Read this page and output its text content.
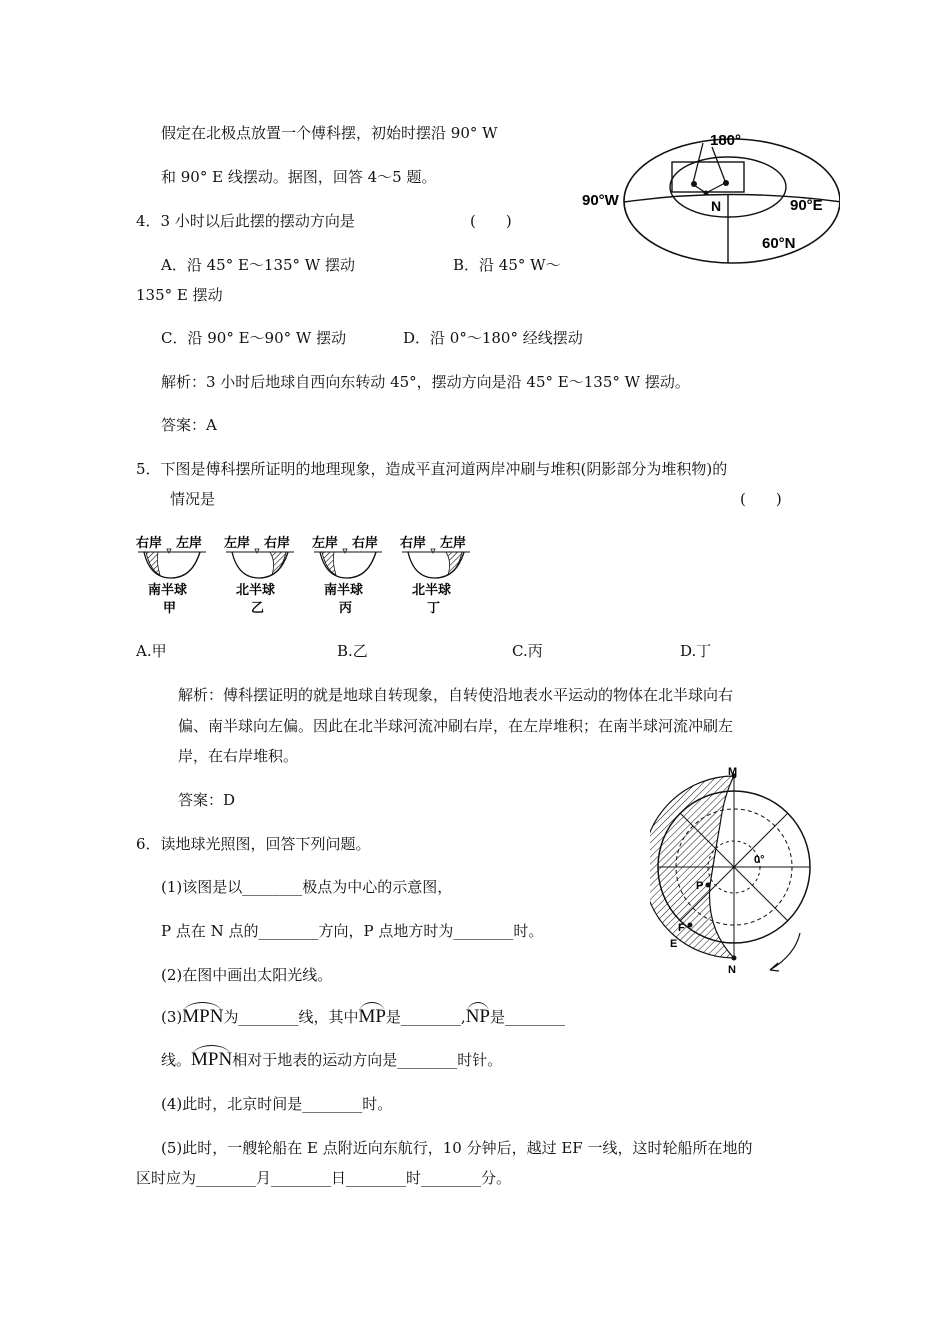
假定在北极点放置一个傅科摆，初始时摆沿 90° W
和 90° E 线摆动。据图，回答 4～5 题。
180°
90°W	90°E
N
60°N
4．3 小时以后此摆的摆动方向是	(　　)
A．沿 45° E～135° W 摆动	B．沿 45° W～
135° E 摆动
C．沿 90° E～90° W 摆动	D．沿 0°～180° 经线摆动
解析：3 小时后地球自西向东转动 45°，摆动方向是沿 45° E～135° W 摆动。
答案：A
5．下图是傅科摆所证明的地理现象，造成平直河道两岸冲刷与堆积(阴影部分为堆积物)的
情况是	(　　)
右岸 左岸
南半球
甲
左岸 右岸
北半球
乙
左岸 右岸
南半球
丙
右岸 左岸
北半球
丁
A.甲	B.乙	C.丙	D.丁
解析：傅科摆证明的就是地球自转现象，自转使沿地表水平运动的物体在北半球向右
偏、南半球向左偏。因此在北半球河流冲刷右岸，在左岸堆积；在南半球河流冲刷左
岸，在右岸堆积。
答案：D
6．读地球光照图，回答下列问题。
(1)该图是以________极点为中心的示意图，
P 点在 N 点的________方向，P 点地方时为________时。
(2)在图中画出太阳光线。
(3)MPN为________线，其中MP是________,NP是________
线。MPN相对于地表的运动方向是________时针。
(4)此时，北京时间是________时。
(5)此时，一艘轮船在 E 点附近向东航行，10 分钟后，越过 EF 一线，这时轮船所在地的
区时应为________月________日________时________分。
M
N
P
F
E
0°
